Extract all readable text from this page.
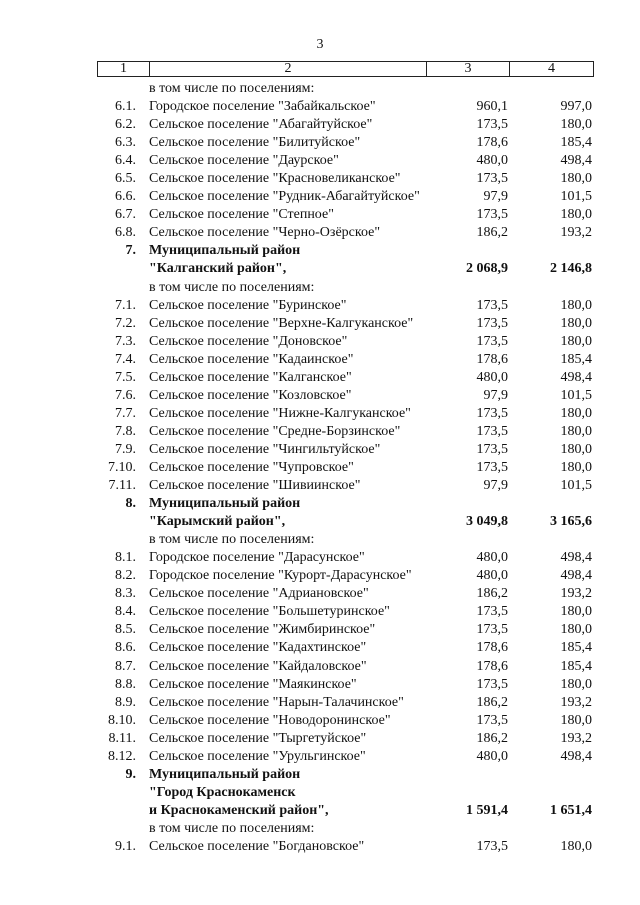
3
1	2	3	4
в том числе по поселениям:
6.1. Городское поселение "Забайкальское"	960,1	997,0
6.2. Сельское поселение "Абагайтуйское"	173,5	180,0
6.3. Сельское поселение "Билитуйское"	178,6	185,4
6.4. Сельское поселение "Даурское"	480,0	498,4
6.5. Сельское поселение "Красновеликанское"	173,5	180,0
6.6. Сельское поселение "Рудник-Абагайтуйское"	97,9	101,5
6.7. Сельское поселение "Степное"	173,5	180,0
6.8. Сельское поселение "Черно-Озёрское"	186,2	193,2
7. Муниципальный район
"Калганский район",	2 068,9	2 146,8
в том числе по поселениям:
7.1. Сельское поселение "Буринское"	173,5	180,0
7.2. Сельское поселение "Верхне-Калгуканское"	173,5	180,0
7.3. Сельское поселение "Доновское"	173,5	180,0
7.4. Сельское поселение "Кадаинское"	178,6	185,4
7.5. Сельское поселение "Калганское"	480,0	498,4
7.6. Сельское поселение "Козловское"	97,9	101,5
7.7. Сельское поселение "Нижне-Калгуканское"	173,5	180,0
7.8. Сельское поселение "Средне-Борзинское"	173,5	180,0
7.9. Сельское поселение "Чингильтуйское"	173,5	180,0
7.10. Сельское поселение "Чупровское"	173,5	180,0
7.11. Сельское поселение "Шивиинское"	97,9	101,5
8. Муниципальный район
"Карымский район",	3 049,8	3 165,6
в том числе по поселениям:
8.1. Городское поселение "Дарасунское"	480,0	498,4
8.2. Городское поселение "Курорт-Дарасунское"	480,0	498,4
8.3. Сельское поселение "Адриановское"	186,2	193,2
8.4. Сельское поселение "Большетуринское"	173,5	180,0
8.5. Сельское поселение "Жимбиринское"	173,5	180,0
8.6. Сельское поселение "Кадахтинское"	178,6	185,4
8.7. Сельское поселение "Кайдаловское"	178,6	185,4
8.8. Сельское поселение "Маякинское"	173,5	180,0
8.9. Сельское поселение "Нарын-Талачинское"	186,2	193,2
8.10. Сельское поселение "Новодоронинское"	173,5	180,0
8.11. Сельское поселение "Тыргетуйское"	186,2	193,2
8.12. Сельское поселение "Урульгинское"	480,0	498,4
9. Муниципальный район
"Город Краснокаменск
и Краснокаменский район",	1 591,4	1 651,4
в том числе по поселениям:
9.1. Сельское поселение "Богдановское"	173,5	180,0
